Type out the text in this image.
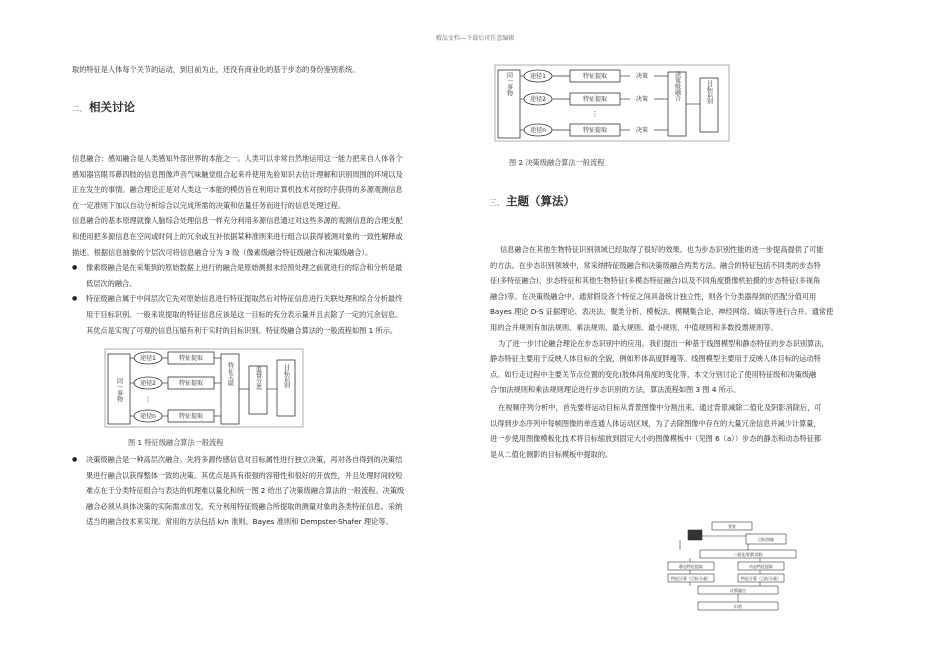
精品文档---下载后可任意编辑

取的特征是人体每个关节的运动，到目前为止，还没有商业化的基于步态的身份鉴别系统。

二、 相关讨论
信息融合：感知融合是人类感知外部世界的本能之一。人类可以非常自然地运用这一能力把来自人体各个
感知器官眼耳鼻四肢的信息图像声音气味触觉组合起来并使用先验知识去估计理解和识别周围的环境以及
正在发生的事情。融合理论正是对人类这一本能的模仿旨在利用计算机技术对按时序获得的多源观测信息
在一定准则下加以自动分析综合以完成所需的决策和估量任务而进行的信息处理过程。
信息融合的基本原理就像人脑综合处理信息一样充分利用多源信息通过对这些多源的观测信息的合理支配
和使用把多源信息在空间或时间上的冗余或互补依据某种准则来进行组合以获得被测对象的一致性解释或
描述。根据信息抽象的个层次可将信息融合分为 3 级（像素级融合特征级融合和决策级融合）。
● 像素级融合是在采集到的原始数据上进行的融合是原始测报未经预处理之前就进行的综合和分析是最
低层次的融合。
● 特征级融合属于中间层次它先对原始信息进行特征提取然后对特征信息进行关联处理和综合分析最终
用于目标识别。一般来说提取的特征信息应该是这一目标的充分表示量并且去除了一定的冗余信息。
其优点是实现了可观的信息压缩有利于实时的目标识别。特征级融合算法的一般流程如图 1 所示。
同一事物
途径1
途径2
途径n
特征提取
特征提取
特征提取
⋮
特征关联	监督分类	目标识别
图 1 特征级融合算法一般流程
● 决策级融合是一种高层次融合。先将多源传感信息对目标属性进行独立决策，再对各自得到的决策结
果进行融合以获得整体一致的决策。其优点是具有很强的容错性和很好的开放性，并且处理时间较短
难点在于分类特征组合与表达的机理难以量化和统一图 2 给出了决策级融合算法的一般流程。决策级
融合必须从具体决策的实际需求出发，充分利用特征级融合所提取的测量对象的各类特征信息。采纳
适当的融合技术来实现。常用的方法包括 k/n 准则、Bayes 准则和 Dempster-Shafer 理论等。
同一事物	途径1
途径2
途径n
特征提取
特征提取
特征提取
决策
决策
决策
⋮
决策级融合	目标识别
图 2 决策级融合算法一般流程
三、 主题（算法）
信息融合在其他生物特征识别领域已经取得了很好的效果。也为步态识别性能的进一步提高提供了可能
的方法。在步态识别领域中，常采纳特征级融合和决策级融合两类方法。融合的特征包括不同类的步态特
征(多特征融合)、步态特征和其他生物特征(多模态特征融合)以及不同角度摄像机拍摄的步态特征(多视角
融合)等。在决策级融合中，通常假设各个特征之间具备统计独立性，则各个分类器得到的匹配分值可用
Bayes 理论 D-S 证据理论、表决法、聚类分析、模板法、模糊集合论、神经网络、熵法等进行合并。通常使
用的合并规则有加法规则、乘法规则、最大规则、最小规则、中值规则和多数投票规则等。
为了进一步讨论融合理论在步态识别中的应用。我们提出一种基于线图模型和静态特征的步态识别算法，
静态特征主要用于反映人体目标的全貌，例如形体高度胖瘦等。线图模型主要用于反映人体目标的运动特
点。如行走过程中主要关节点位置的变化(肢体间角度的变化等、本文分别讨论了使用特征级和决策级融
合'加法规则和乘法规则理论进行步态识别的方法，算法流程如图 3 图 4 所示。
在视频序列分析中，首先要将运动目标从背景图像中分割出来、通过背景减除二值化及阴影消除后，可
以得到步态序列中每帧图像的单连通人体运动区域，为了去除图像中存在的大量冗余信息并减少计算量，
进一步使用图像模板化技术将目标缩放到固定大小的图像模板中（见图 6（a））步态的静态和动态特征都
是从二值化侧影的目标模板中提取的。
背景
目标图像
二值化/阴影消除
静态特征提取	动态特征提取
特征计算（目标分量）	特征计算（目标分量）
决策融合
识别
